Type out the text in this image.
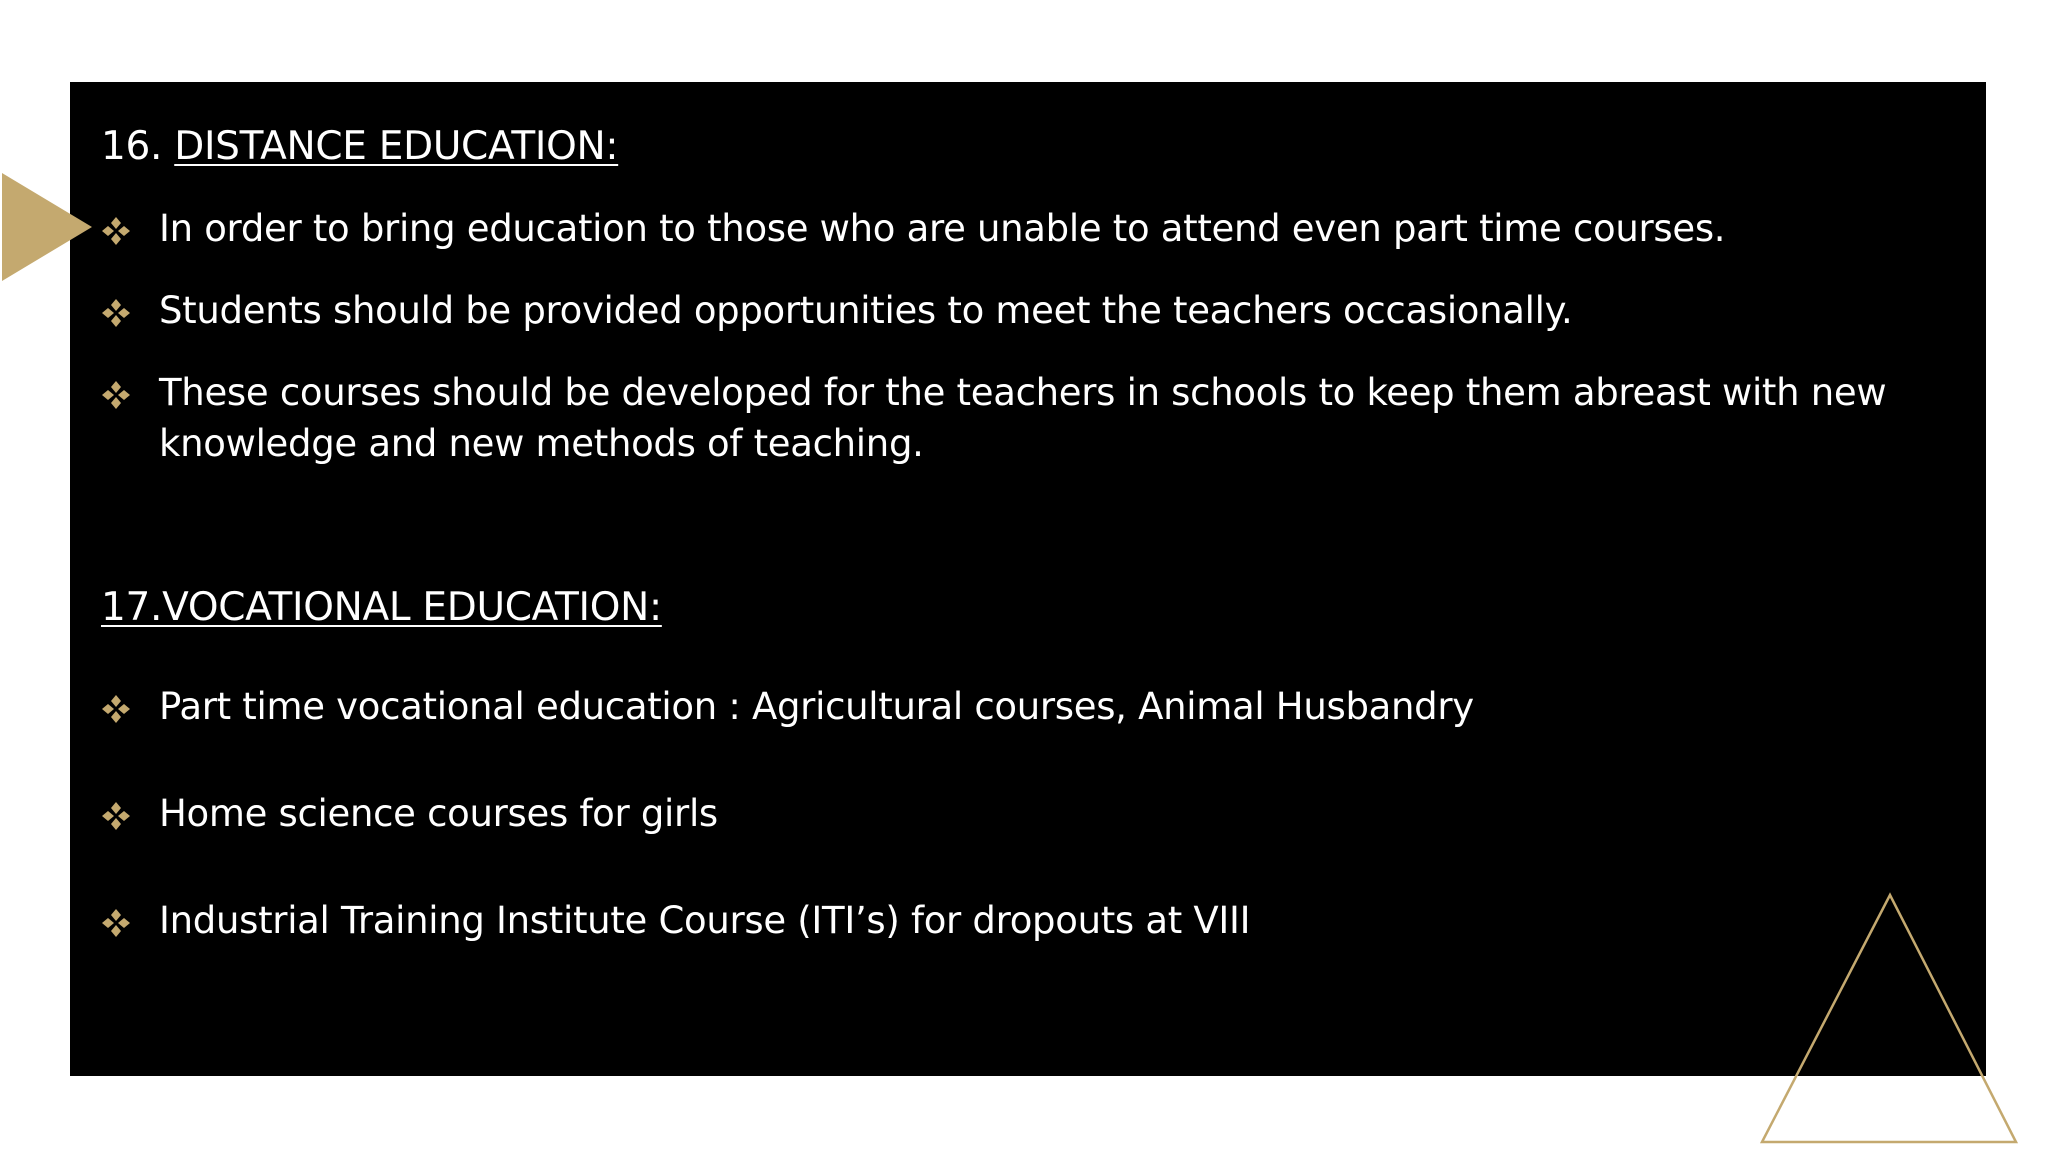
16. DISTANCE EDUCATION:
In order to bring education to those who are unable to attend even part time courses.
Students should be provided opportunities to meet the teachers occasionally.
These courses should be developed for the teachers in schools to keep them abreast with new knowledge and new methods of teaching.
17.VOCATIONAL EDUCATION:
Part time vocational education : Agricultural courses, Animal Husbandry
Home science courses for girls
Industrial Training Institute Course (ITI’s) for dropouts at VIII
